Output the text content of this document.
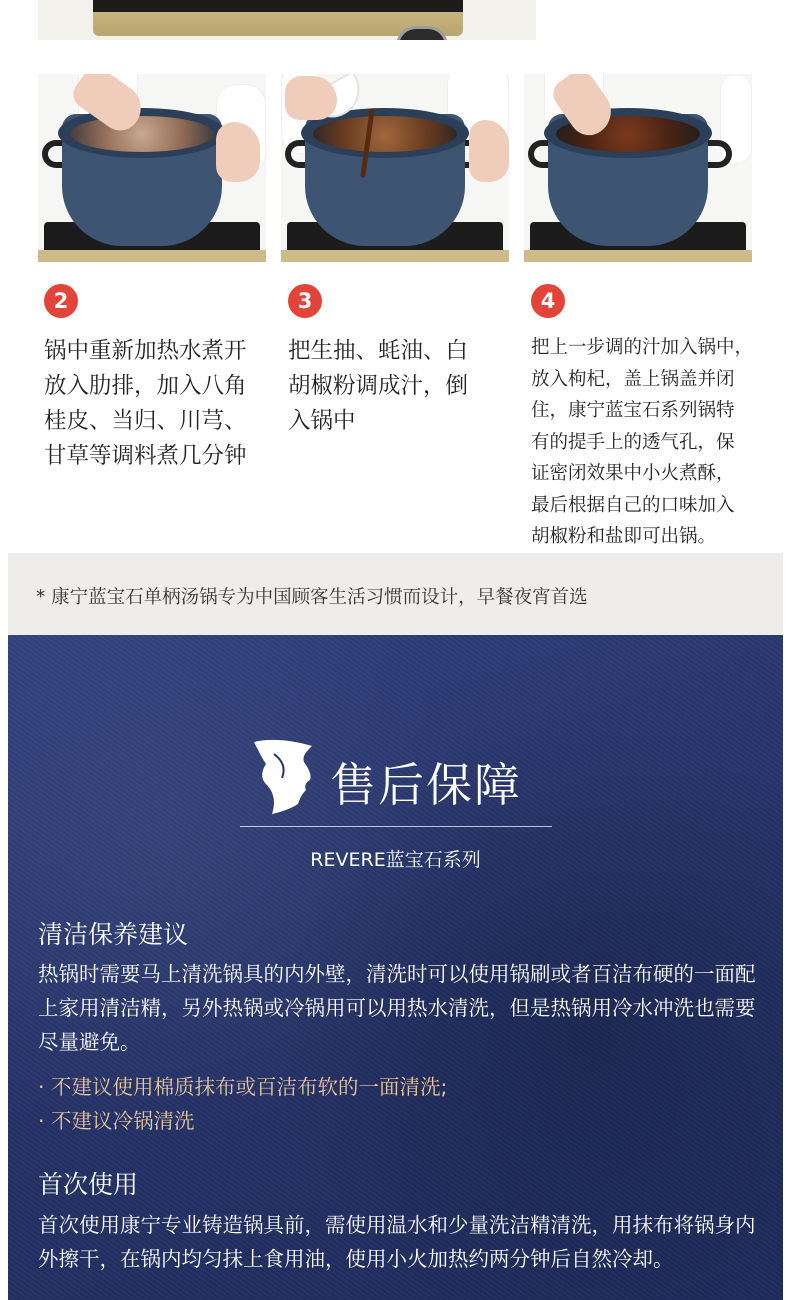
2	3	4
锅中重新加热水煮开
放入肋排，加入八角
桂皮、当归、川芎、
甘草等调料煮几分钟
把生抽、蚝油、白
胡椒粉调成汁，倒
入锅中
把上一步调的汁加入锅中，
放入枸杞，盖上锅盖并闭
住，康宁蓝宝石系列锅特
有的提手上的透气孔，保
证密闭效果中小火煮酥，
最后根据自己的口味加入
胡椒粉和盐即可出锅。
* 康宁蓝宝石单柄汤锅专为中国顾客生活习惯而设计，早餐夜宵首选
售后保障
REVERE蓝宝石系列
清洁保养建议
热锅时需要马上清洗锅具的内外壁，清洗时可以使用锅刷或者百洁布硬的一面配上家用清洁精，另外热锅或冷锅用可以用热水清洗，但是热锅用冷水冲洗也需要尽量避免。
· 不建议使用棉质抹布或百洁布软的一面清洗;
· 不建议冷锅清洗
首次使用
首次使用康宁专业铸造锅具前，需使用温水和少量洗洁精清洗，用抹布将锅身内外擦干，在锅内均匀抹上食用油，使用小火加热约两分钟后自然冷却。
